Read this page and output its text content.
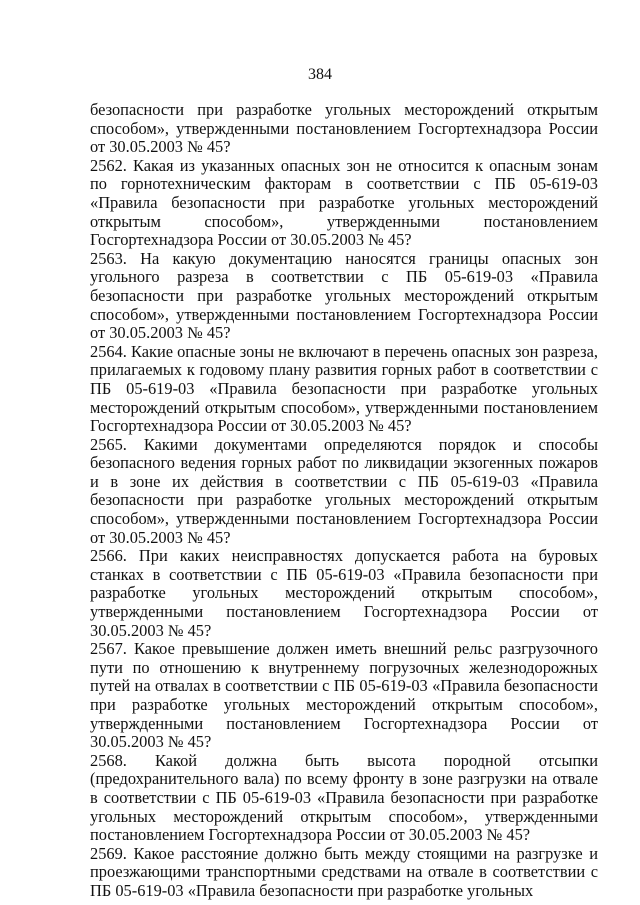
384

безопасности при разработке угольных месторождений открытым способом», утвержденными постановлением Госгортехнадзора России от 30.05.2003 № 45?

2562. Какая из указанных опасных зон не относится к опасным зонам по горнотехническим факторам в соответствии с ПБ 05-619-03 «Правила безопасности при разработке угольных месторождений открытым способом», утвержденными постановлением Госгортехнадзора России от 30.05.2003 № 45?

2563. На какую документацию наносятся границы опасных зон угольного разреза в соответствии с ПБ 05-619-03 «Правила безопасности при разработке угольных месторождений открытым способом», утвержденными постановлением Госгортехнадзора России от 30.05.2003 № 45?

2564. Какие опасные зоны не включают в перечень опасных зон разреза, прилагаемых к годовому плану развития горных работ в соответствии с ПБ 05-619-03 «Правила безопасности при разработке угольных месторождений открытым способом», утвержденными постановлением Госгортехнадзора России от 30.05.2003 № 45?

2565. Какими документами определяются порядок и способы безопасного ведения горных работ по ликвидации экзогенных пожаров и в зоне их действия в соответствии с ПБ 05-619-03 «Правила безопасности при разработке угольных месторождений открытым способом», утвержденными постановлением Госгортехнадзора России от 30.05.2003 № 45?

2566. При каких неисправностях допускается работа на буровых станках в соответствии с ПБ 05-619-03 «Правила безопасности при разработке угольных месторождений открытым способом», утвержденными постановлением Госгортехнадзора России от 30.05.2003 № 45?

2567. Какое превышение должен иметь внешний рельс разгрузочного пути по отношению к внутреннему погрузочных железнодорожных путей на отвалах в соответствии с ПБ 05-619-03 «Правила безопасности при разработке угольных месторождений открытым способом», утвержденными постановлением Госгортехнадзора России от 30.05.2003 № 45?

2568. Какой должна быть высота породной отсыпки (предохранительного вала) по всему фронту в зоне разгрузки на отвале в соответствии с ПБ 05-619-03 «Правила безопасности при разработке угольных месторождений открытым способом», утвержденными постановлением Госгортехнадзора России от 30.05.2003 № 45?

2569. Какое расстояние должно быть между стоящими на разгрузке и проезжающими транспортными средствами на отвале в соответствии с ПБ 05-619-03 «Правила безопасности при разработке угольных
